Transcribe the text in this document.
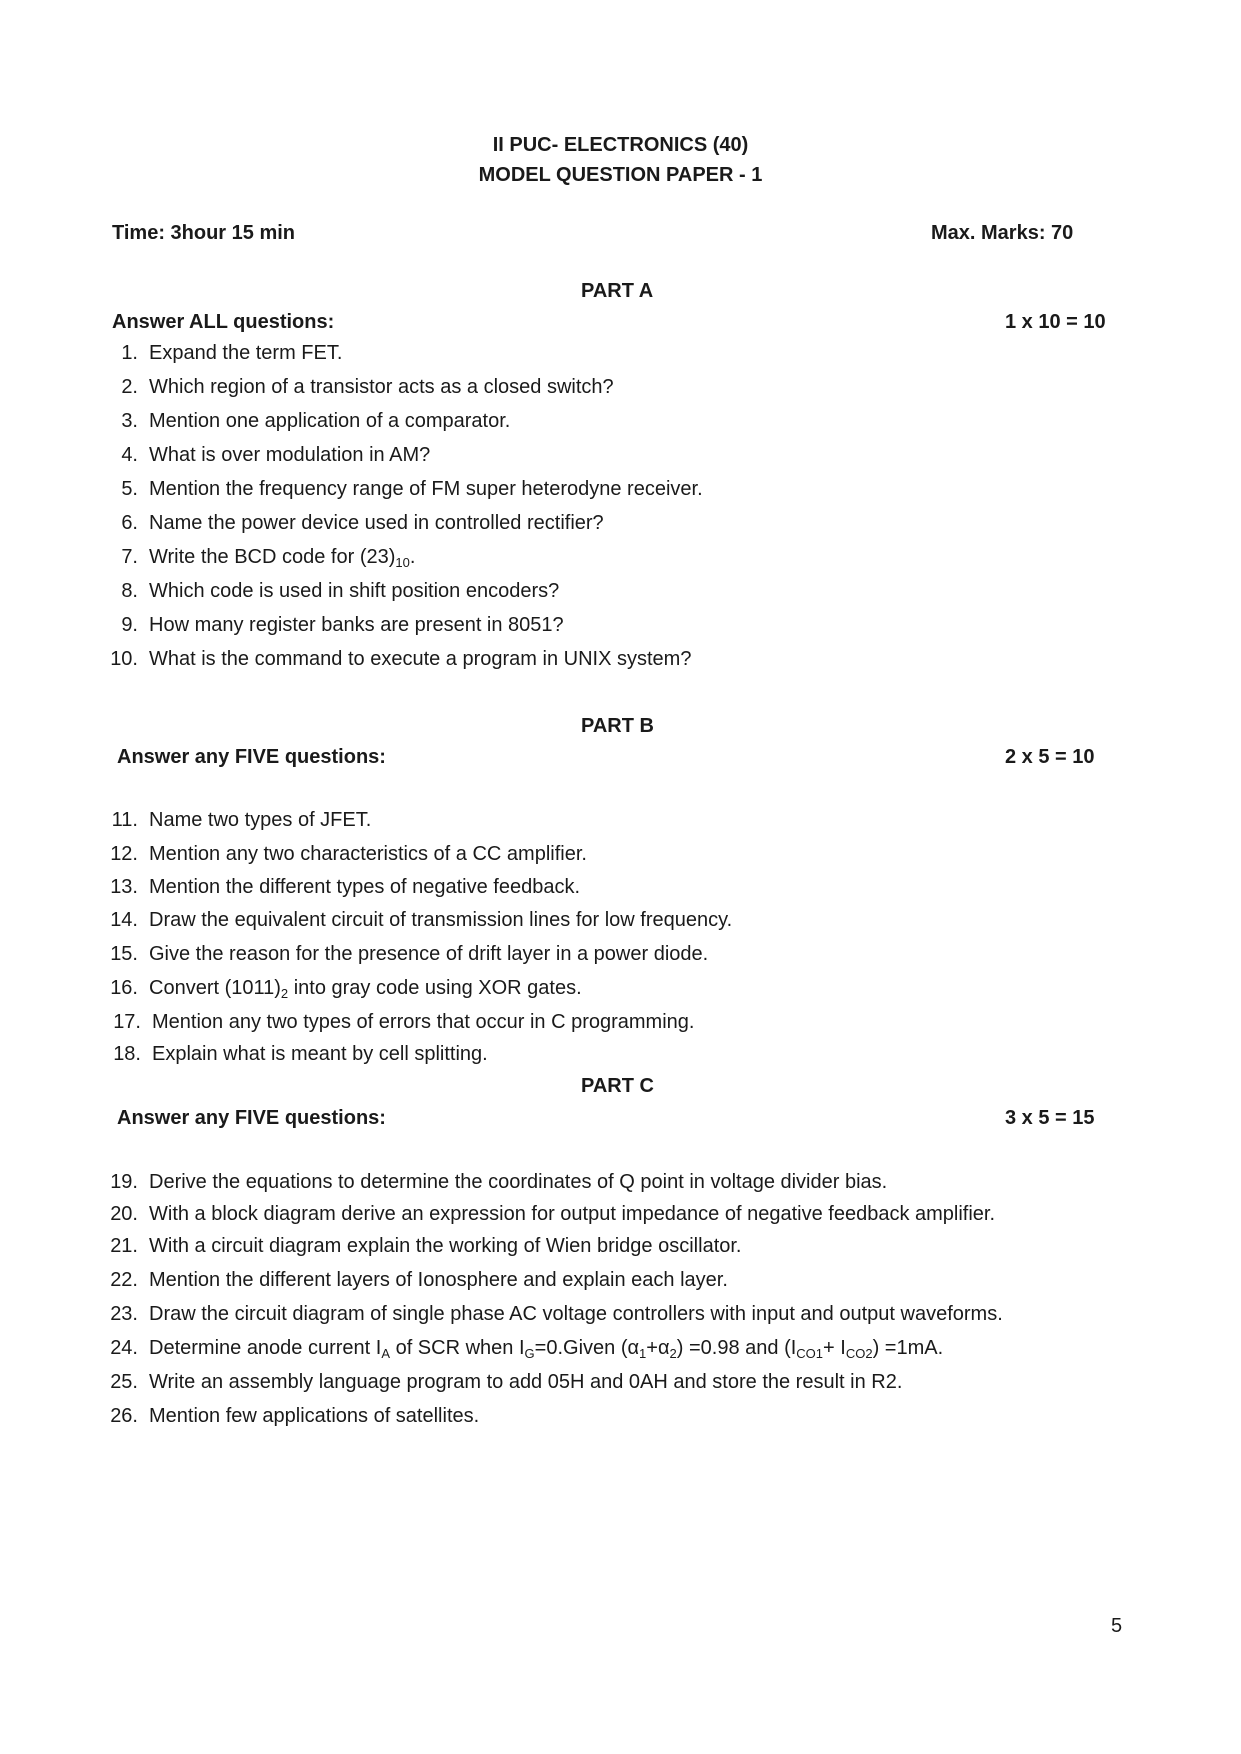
II PUC- ELECTRONICS (40)
MODEL QUESTION PAPER - 1
Time: 3hour 15 min	Max. Marks: 70
PART A
Answer ALL questions:	1 x 10 = 10
1. Expand the term FET.
2. Which region of a transistor acts as a closed switch?
3. Mention one application of a comparator.
4. What is over modulation in AM?
5. Mention the frequency range of FM super heterodyne receiver.
6. Name the power device used in controlled rectifier?
7. Write the BCD code for $(23)_{10}$.
8. Which code is used in shift position encoders?
9. How many register banks are present in 8051?
10. What is the command to execute a program in UNIX system?
PART B
Answer any FIVE questions:	2 x 5 = 10
11. Name two types of JFET.
12. Mention any two characteristics of a CC amplifier.
13. Mention the different types of negative feedback.
14. Draw the equivalent circuit of transmission lines for low frequency.
15. Give the reason for the presence of drift layer in a power diode.
16. Convert $(1011)_2$ into gray code using XOR gates.
17. Mention any two types of errors that occur in C programming.
18. Explain what is meant by cell splitting.
PART C
Answer any FIVE questions:	3 x 5 = 15
19. Derive the equations to determine the coordinates of Q point in voltage divider bias.
20. With a block diagram derive an expression for output impedance of negative feedback amplifier.
21. With a circuit diagram explain the working of Wien bridge oscillator.
22. Mention the different layers of Ionosphere and explain each layer.
23. Draw the circuit diagram of single phase AC voltage controllers with input and output waveforms.
24. Determine anode current $I_A$ of SCR when $I_G=0.Given$ $(\alpha_1+\alpha_2) =0.98$ and $(I_{CO1}+ I_{CO2}) =1mA$.
25. Write an assembly language program to add 05H and 0AH and store the result in R2.
26. Mention few applications of satellites.
5
